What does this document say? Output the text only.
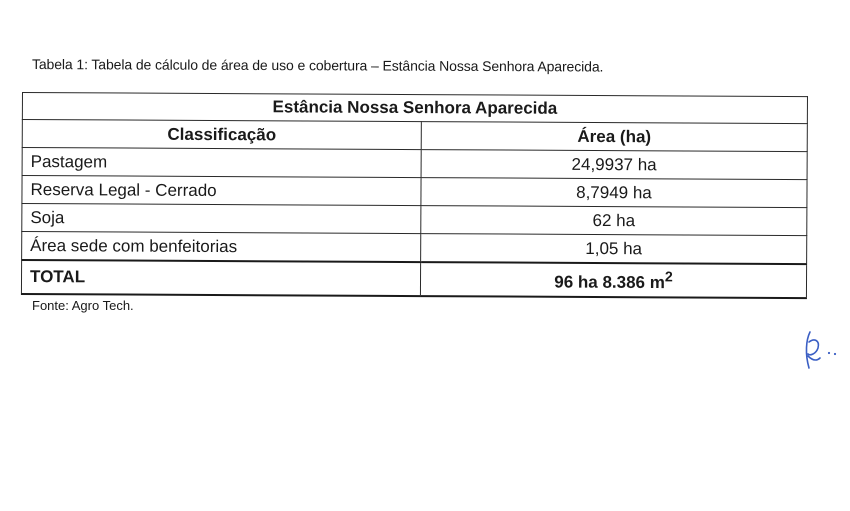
Tabela 1: Tabela de cálculo de área de uso e cobertura – Estância Nossa Senhora Aparecida.
Estância Nossa Senhora Aparecida	
Classificação	Área (ha)
Pastagem	24,9937 ha
Reserva Legal - Cerrado	8,7949 ha
Soja	62 ha
Área sede com benfeitorias	1,05 ha
TOTAL	96 ha 8.386 $m^2$
Fonte: Agro Tech.
